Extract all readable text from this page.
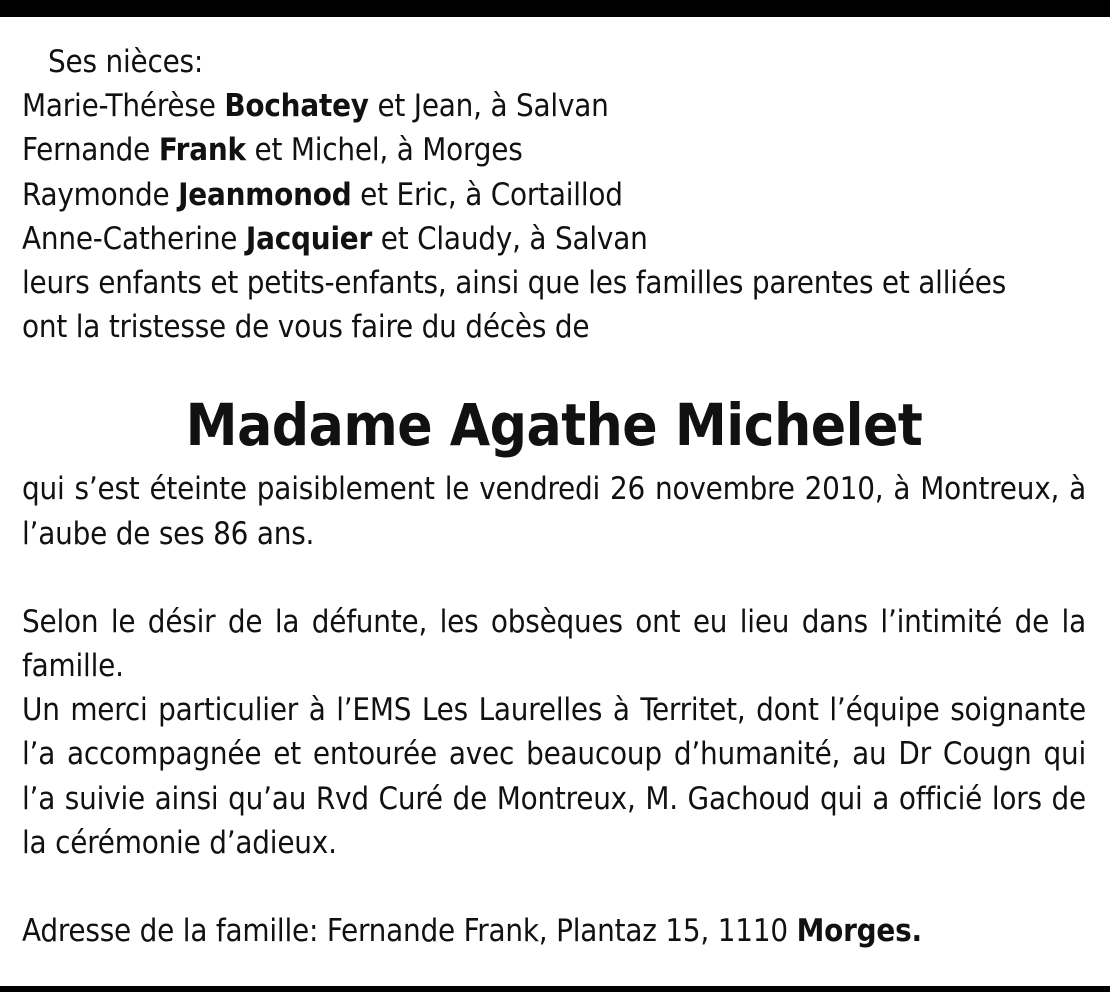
Ses nièces:
Marie-Thérèse Bochatey et Jean, à Salvan
Fernande Frank et Michel, à Morges
Raymonde Jeanmonod et Eric, à Cortaillod
Anne-Catherine Jacquier et Claudy, à Salvan
leurs enfants et petits-enfants, ainsi que les familles parentes et alliées
ont la tristesse de vous faire du décès de
Madame Agathe Michelet
qui s’est éteinte paisiblement le vendredi 26 novembre 2010, à Montreux, à l’aube de ses 86 ans.
Selon le désir de la défunte, les obsèques ont eu lieu dans l’intimité de la famille.
Un merci particulier à l’EMS Les Laurelles à Territet, dont l’équipe soignante l’a accompagnée et entourée avec beaucoup d’humanité, au Dr Cougn qui l’a suivie ainsi qu’au Rvd Curé de Montreux, M. Gachoud qui a officié lors de la cérémonie d’adieux.
Adresse de la famille: Fernande Frank, Plantaz 15, 1110 Morges.
